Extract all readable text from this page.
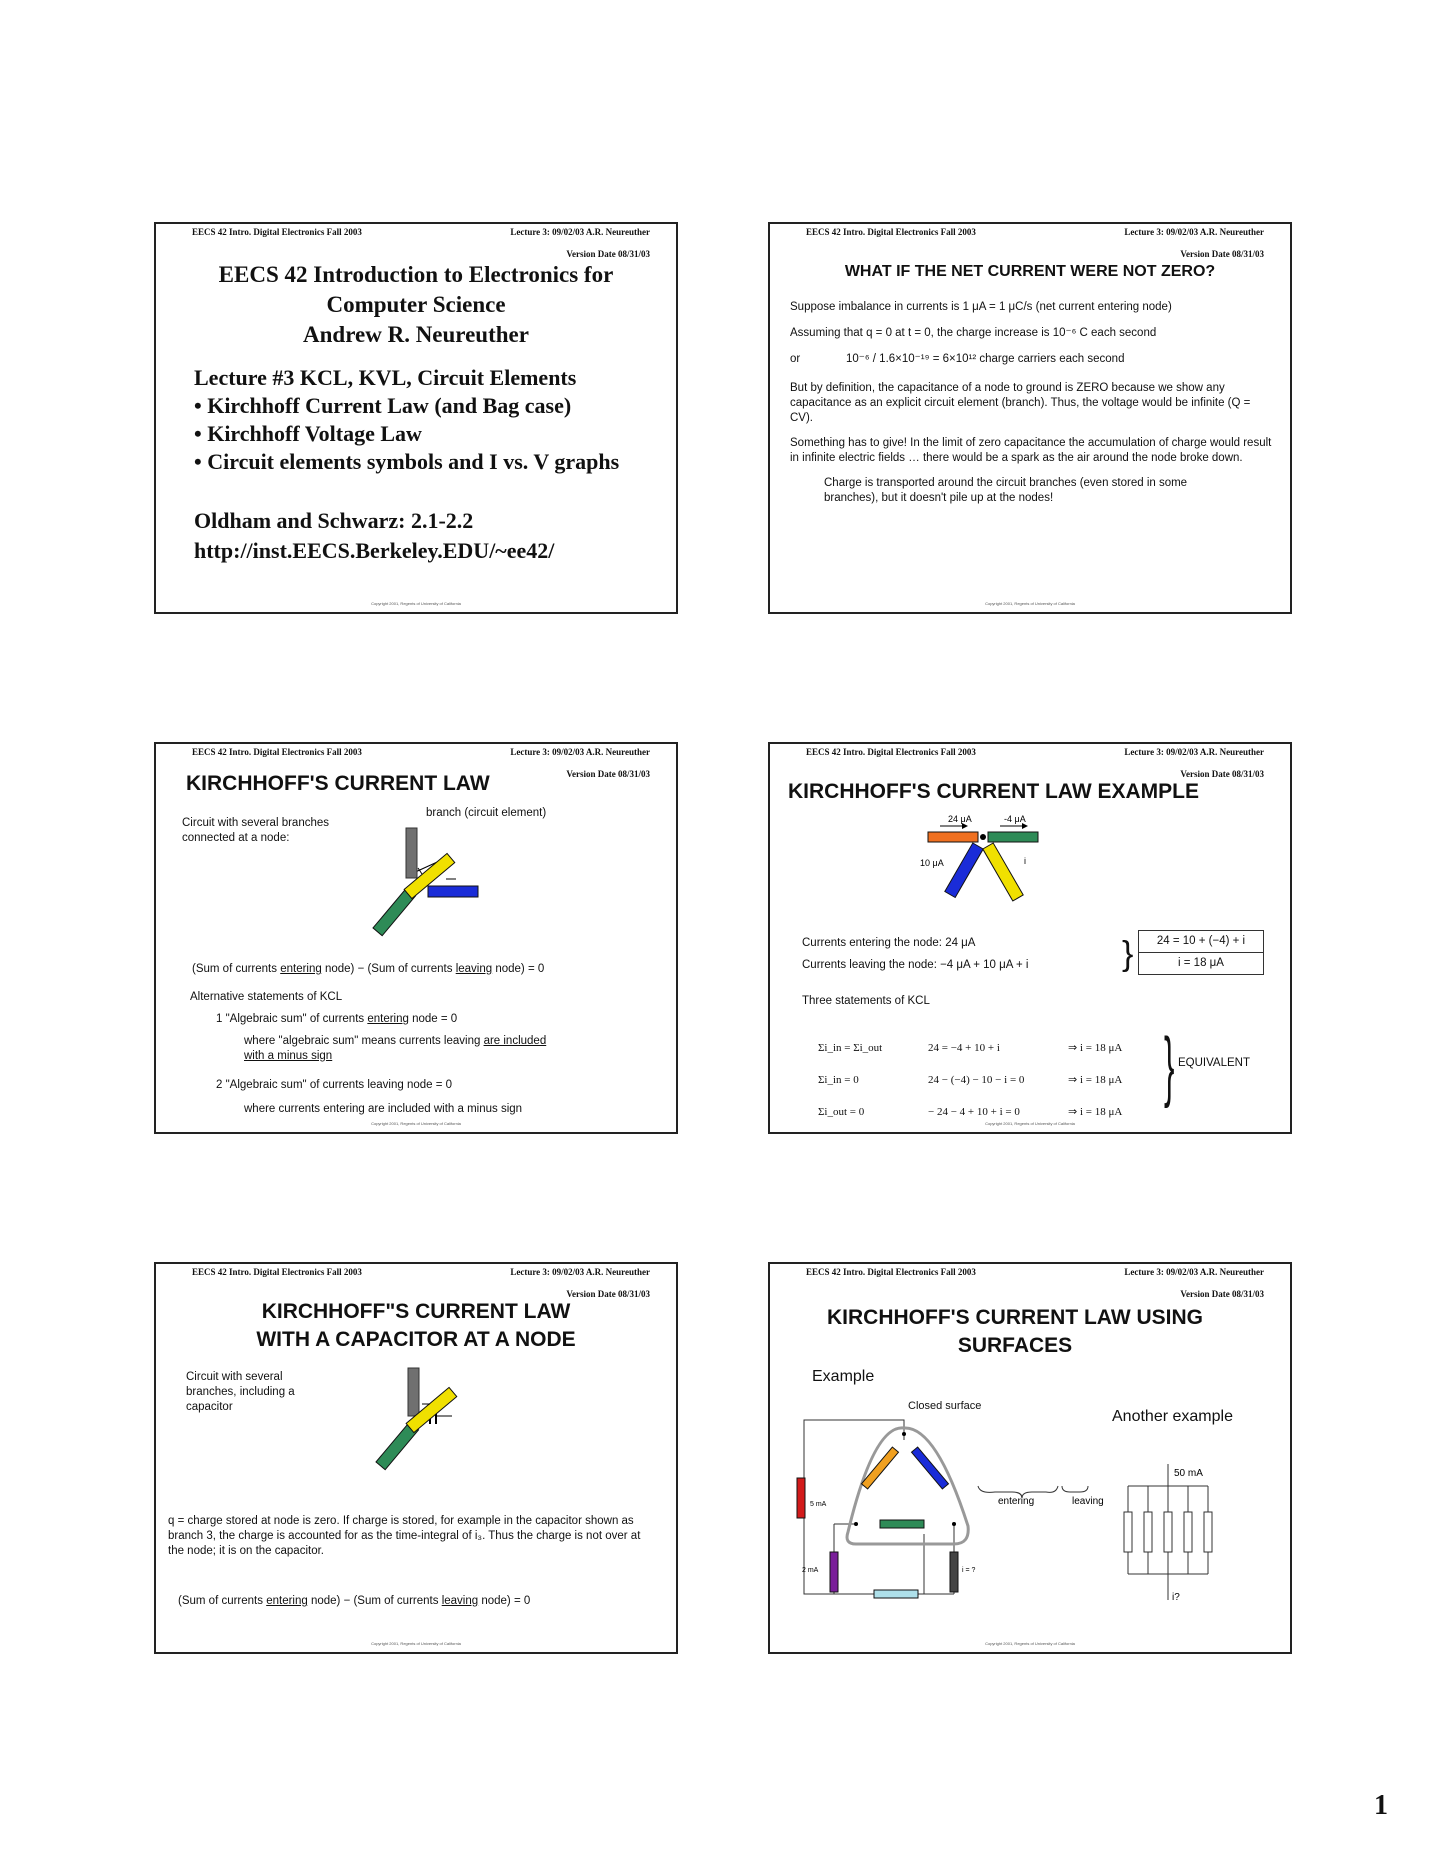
EECS 42 Intro. Digital Electronics Fall 2003	Lecture 3: 09/02/03 A.R. Neureuther
Version Date 08/31/03
EECS 42 Introduction to Electronics for
Computer Science
Andrew R. Neureuther
Lecture #3 KCL, KVL, Circuit Elements
• Kirchhoff Current Law (and Bag case)
• Kirchhoff Voltage Law
• Circuit elements symbols and I vs. V graphs
Oldham and Schwarz: 2.1-2.2
http://inst.EECS.Berkeley.EDU/~ee42/
Copyright 2001, Regents of University of California
EECS 42 Intro. Digital Electronics Fall 2003	Lecture 3: 09/02/03 A.R. Neureuther
Version Date 08/31/03
WHAT IF THE NET CURRENT WERE NOT ZERO?
Suppose imbalance in currents is 1 μA = 1 μC/s (net current entering node)
Assuming that q = 0 at t = 0, the charge increase is 10⁻⁶ C each second
or	10⁻⁶ / 1.6×10⁻¹⁹ = 6×10¹² charge carriers each second
But by definition, the capacitance of a node to ground is ZERO because we show any capacitance as an explicit circuit element (branch). Thus, the voltage would be infinite (Q = CV).
Something has to give! In the limit of zero capacitance the accumulation of charge would result in infinite electric fields … there would be a spark as the air around the node broke down.
Charge is transported around the circuit branches (even stored in some branches), but it doesn't pile up at the nodes!
Copyright 2001, Regents of University of California
EECS 42 Intro. Digital Electronics Fall 2003	Lecture 3: 09/02/03 A.R. Neureuther
Version Date 08/31/03
KIRCHHOFF'S CURRENT LAW
Circuit with several branches connected at a node:
branch (circuit element)
(Sum of currents entering node) − (Sum of currents leaving node) = 0
Alternative statements of KCL
1 "Algebraic sum" of currents entering node = 0
where "algebraic sum" means currents leaving are included
with a minus sign
2 "Algebraic sum" of currents leaving node = 0
where currents entering are included with a minus sign
Copyright 2001, Regents of University of California
EECS 42 Intro. Digital Electronics Fall 2003	Lecture 3: 09/02/03 A.R. Neureuther
Version Date 08/31/03
KIRCHHOFF'S CURRENT LAW EXAMPLE
24 μA	-4 μA
10 μA	i
Currents entering the node: 24 μA
Currents leaving the node: −4 μA + 10 μA + i	}	24 = 10 + (−4) + i
i = 18 μA
Three statements of KCL
Σi_in = Σi_out	24 = −4 + 10 + i	⇒ i = 18 μA
Σi_in = 0	24 − (−4) − 10 − i = 0	⇒ i = 18 μA
Σi_out = 0	− 24 − 4 + 10 + i = 0	⇒ i = 18 μA
} EQUIVALENT
Copyright 2001, Regents of University of California
EECS 42 Intro. Digital Electronics Fall 2003	Lecture 3: 09/02/03 A.R. Neureuther
Version Date 08/31/03
KIRCHHOFF"S CURRENT LAW
WITH A CAPACITOR AT A NODE
Circuit with several branches, including a capacitor
q = charge stored at node is zero. If charge is stored, for example in the capacitor shown as branch 3, the charge is accounted for as the time-integral of i₃. Thus the charge is not over at the node; it is on the capacitor.
(Sum of currents entering node) − (Sum of currents leaving node) = 0
Copyright 2001, Regents of University of California
EECS 42 Intro. Digital Electronics Fall 2003	Lecture 3: 09/02/03 A.R. Neureuther
Version Date 08/31/03
KIRCHHOFF'S CURRENT LAW USING
SURFACES
Example
Closed surface
Another example
5 mA
2 mA	i = ?
entering	leaving
50 mA
i?
Copyright 2001, Regents of University of California
1
